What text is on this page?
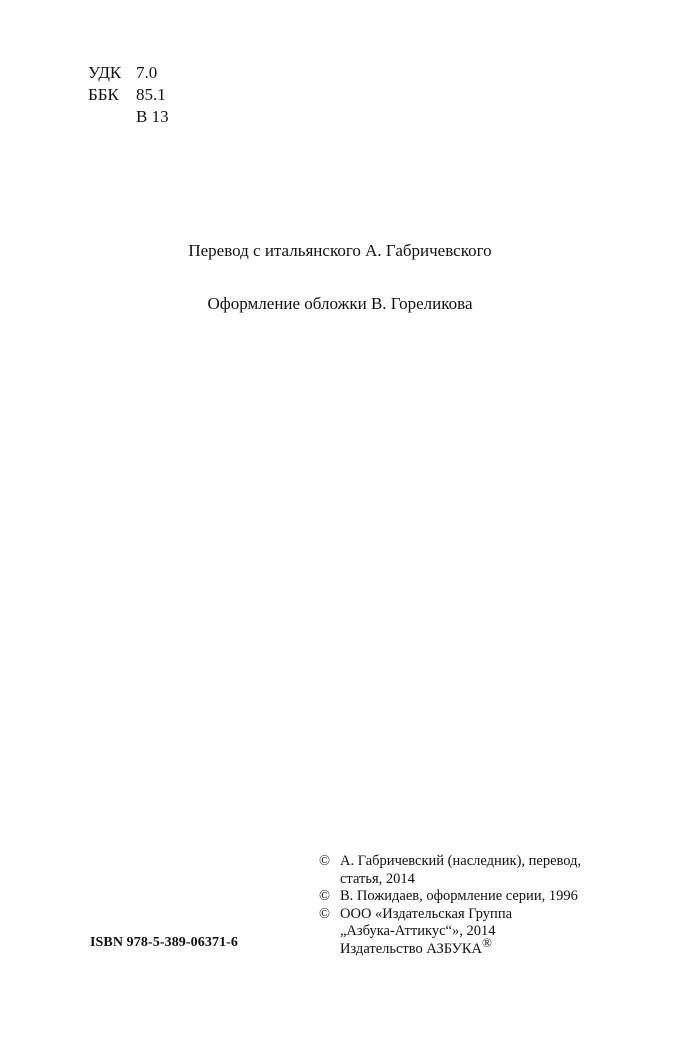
УДК 7.0
ББК	85.1
В 13
Перевод с итальянского А. Габричевского
Оформление обложки В. Гореликова
© А. Габричевский (наследник), перевод,
статья, 2014
© В. Пожидаев, оформление серии, 1996
© ООО «Издательская Группа
„Азбука-Аттикус“», 2014
Издательство АЗБУКА®
ISBN 978-5-389-06371-6
